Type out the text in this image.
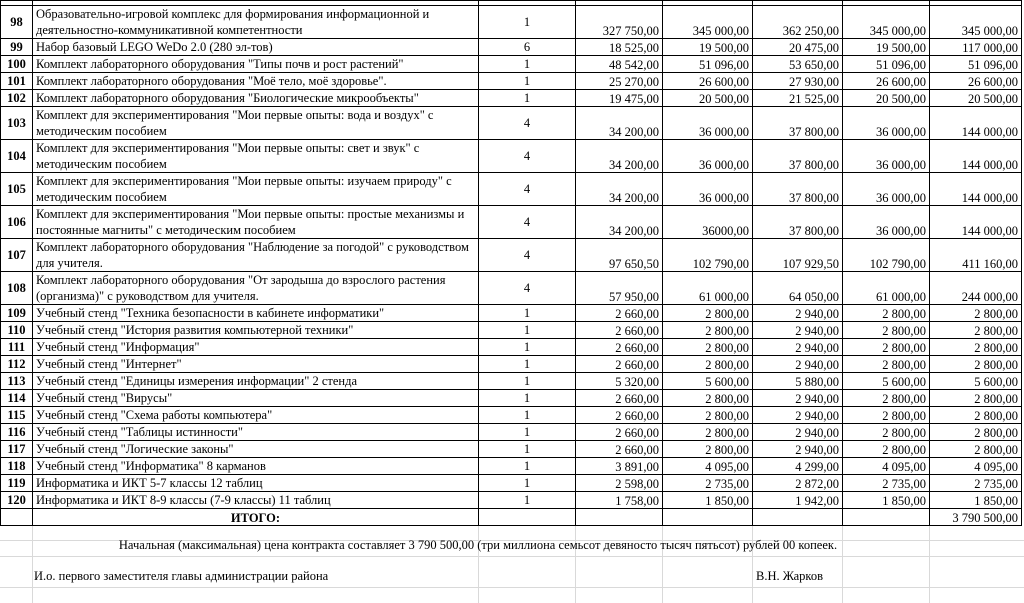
98	Образовательно-игровой комплекс для формирования информационной и деятельностно-коммуникативной компетентности	1	327 750,00	345 000,00	362 250,00	345 000,00	345 000,00
99	Набор базовый LEGO WeDo 2.0 (280 эл-тов)	6	18 525,00	19 500,00	20 475,00	19 500,00	117 000,00
100	Комплект лабораторного оборудования "Типы почв и рост растений"	1	48 542,00	51 096,00	53 650,00	51 096,00	51 096,00
101	Комплект лабораторного оборудования "Моё тело, моё здоровье".	1	25 270,00	26 600,00	27 930,00	26 600,00	26 600,00
102	Комплект лабораторного оборудования "Биологические микрообъекты"	1	19 475,00	20 500,00	21 525,00	20 500,00	20 500,00
103	Комплект для экспериментирования "Мои первые опыты: вода и воздух" с методическим пособием	4	34 200,00	36 000,00	37 800,00	36 000,00	144 000,00
104	Комплект для экспериментирования "Мои первые опыты: свет и звук" с методическим пособием	4	34 200,00	36 000,00	37 800,00	36 000,00	144 000,00
105	Комплект для экспериментирования "Мои первые опыты: изучаем природу" с методическим пособием	4	34 200,00	36 000,00	37 800,00	36 000,00	144 000,00
106	Комплект для экспериментирования "Мои первые опыты: простые механизмы и постоянные магниты" с методическим пособием	4	34 200,00	36000,00	37 800,00	36 000,00	144 000,00
107	Комплект лабораторного оборудования "Наблюдение за погодой" с руководством для учителя.	4	97 650,50	102 790,00	107 929,50	102 790,00	411 160,00
108	Комплект лабораторного оборудования "От зародыша до взрослого растения (организма)" с руководством для учителя.	4	57 950,00	61 000,00	64 050,00	61 000,00	244 000,00
109	Учебный стенд "Техника безопасности в кабинете информатики"	1	2 660,00	2 800,00	2 940,00	2 800,00	2 800,00
110	Учебный стенд "История развития компьютерной техники"	1	2 660,00	2 800,00	2 940,00	2 800,00	2 800,00
111	Учебный стенд "Информация"	1	2 660,00	2 800,00	2 940,00	2 800,00	2 800,00
112	Учебный стенд "Интернет"	1	2 660,00	2 800,00	2 940,00	2 800,00	2 800,00
113	Учебный стенд "Единицы измерения информации" 2 стенда	1	5 320,00	5 600,00	5 880,00	5 600,00	5 600,00
114	Учебный стенд "Вирусы"	1	2 660,00	2 800,00	2 940,00	2 800,00	2 800,00
115	Учебный стенд "Схема работы компьютера"	1	2 660,00	2 800,00	2 940,00	2 800,00	2 800,00
116	Учебный стенд "Таблицы истинности"	1	2 660,00	2 800,00	2 940,00	2 800,00	2 800,00
117	Учебный стенд "Логические законы"	1	2 660,00	2 800,00	2 940,00	2 800,00	2 800,00
118	Учебный стенд "Информатика" 8 карманов	1	3 891,00	4 095,00	4 299,00	4 095,00	4 095,00
119	Информатика и ИКТ 5-7 классы 12 таблиц	1	2 598,00	2 735,00	2 872,00	2 735,00	2 735,00
120	Информатика и ИКТ 8-9 классы (7-9 классы) 11 таблиц	1	1 758,00	1 850,00	1 942,00	1 850,00	1 850,00
	ИТОГО:						3 790 500,00
Начальная (максимальная) цена контракта составляет 3 790 500,00 (три миллиона семьсот девяносто тысяч пятьсот) рублей 00 копеек.
И.о. первого заместителя главы администрации района	В.Н. Жарков
